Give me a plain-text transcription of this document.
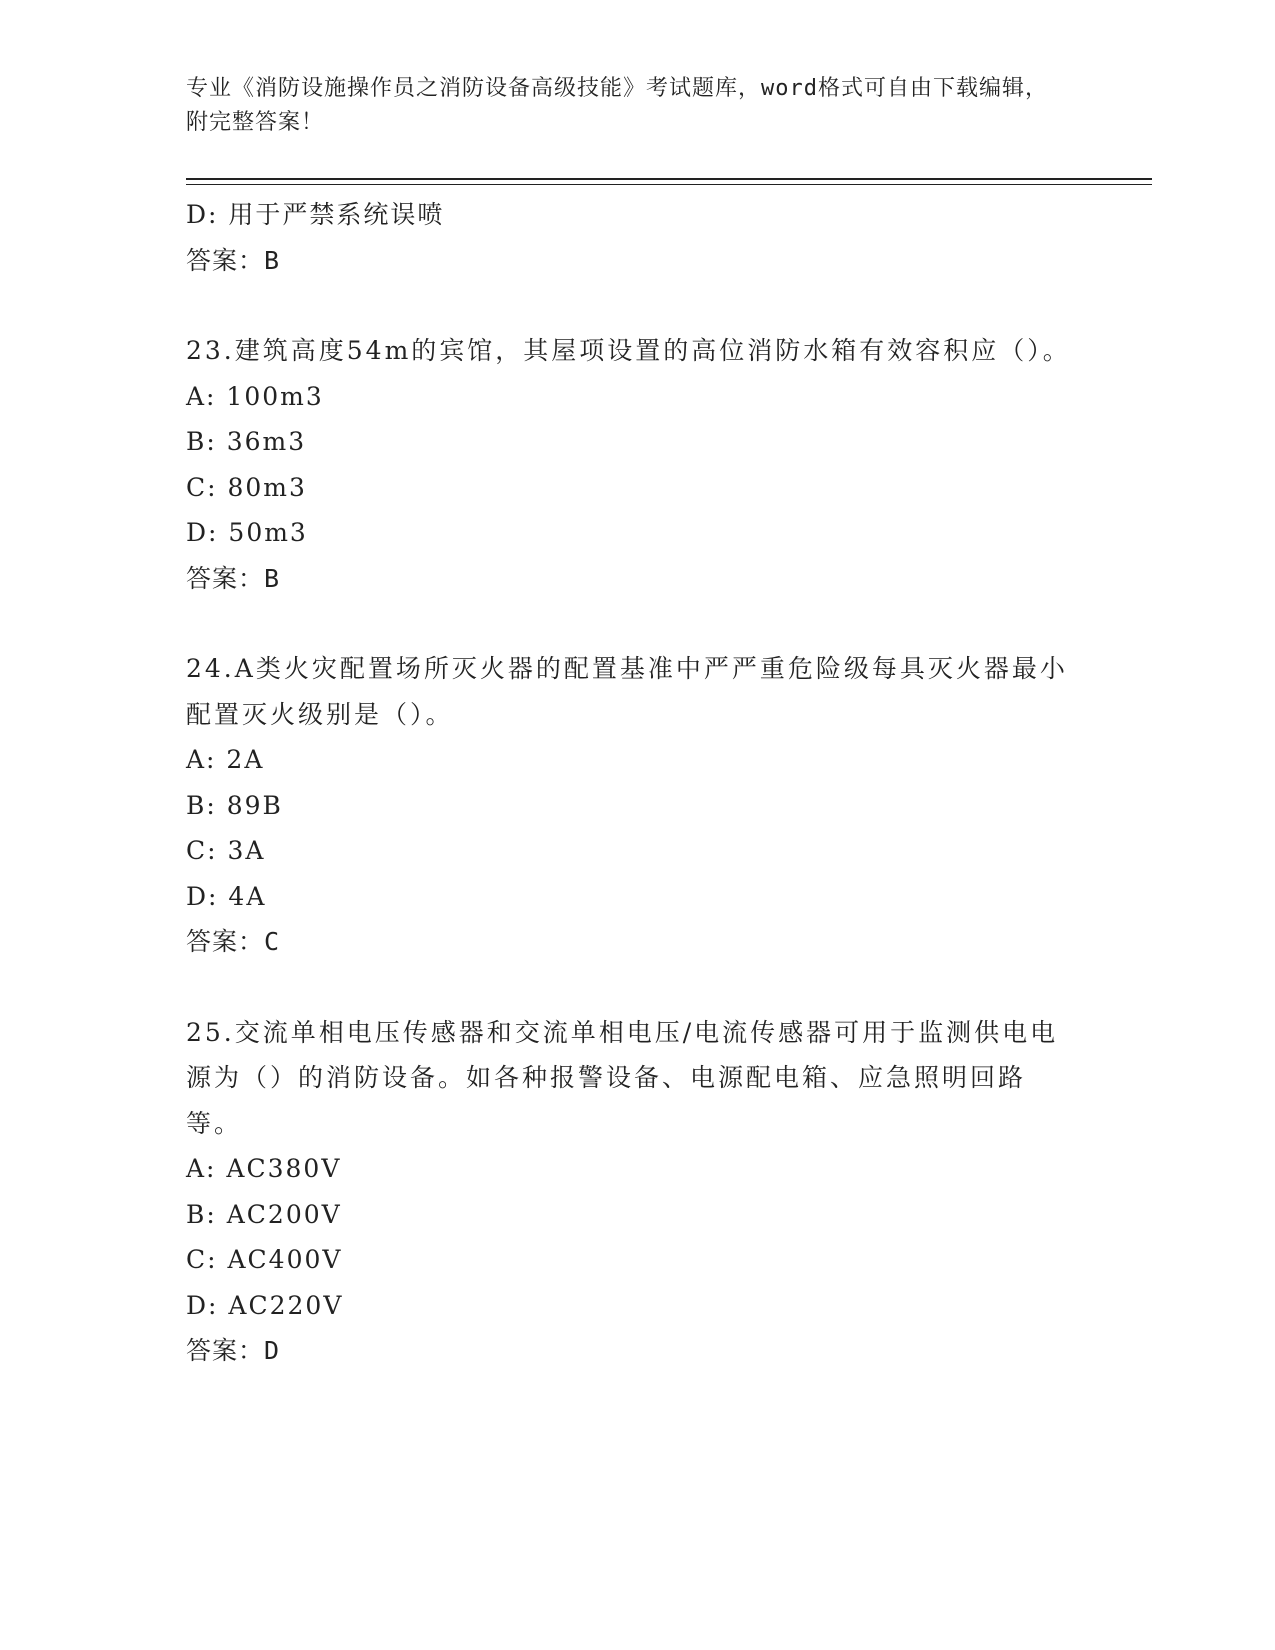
专业《消防设施操作员之消防设备高级技能》考试题库，word格式可自由下载编辑，附完整答案！
D: 用于严禁系统误喷
答案：B
23.建筑高度54m的宾馆，其屋项设置的高位消防水箱有效容积应（）。
A: 100m3
B: 36m3
C: 80m3
D: 50m3
答案：B
24.A类火灾配置场所灭火器的配置基准中严严重危险级每具灭火器最小配置灭火级别是（）。
A: 2A
B: 89B
C: 3A
D: 4A
答案：C
25.交流单相电压传感器和交流单相电压/电流传感器可用于监测供电电源为（）的消防设备。如各种报警设备、电源配电箱、应急照明回路等。
A: AC380V
B: AC200V
C: AC400V
D: AC220V
答案：D
